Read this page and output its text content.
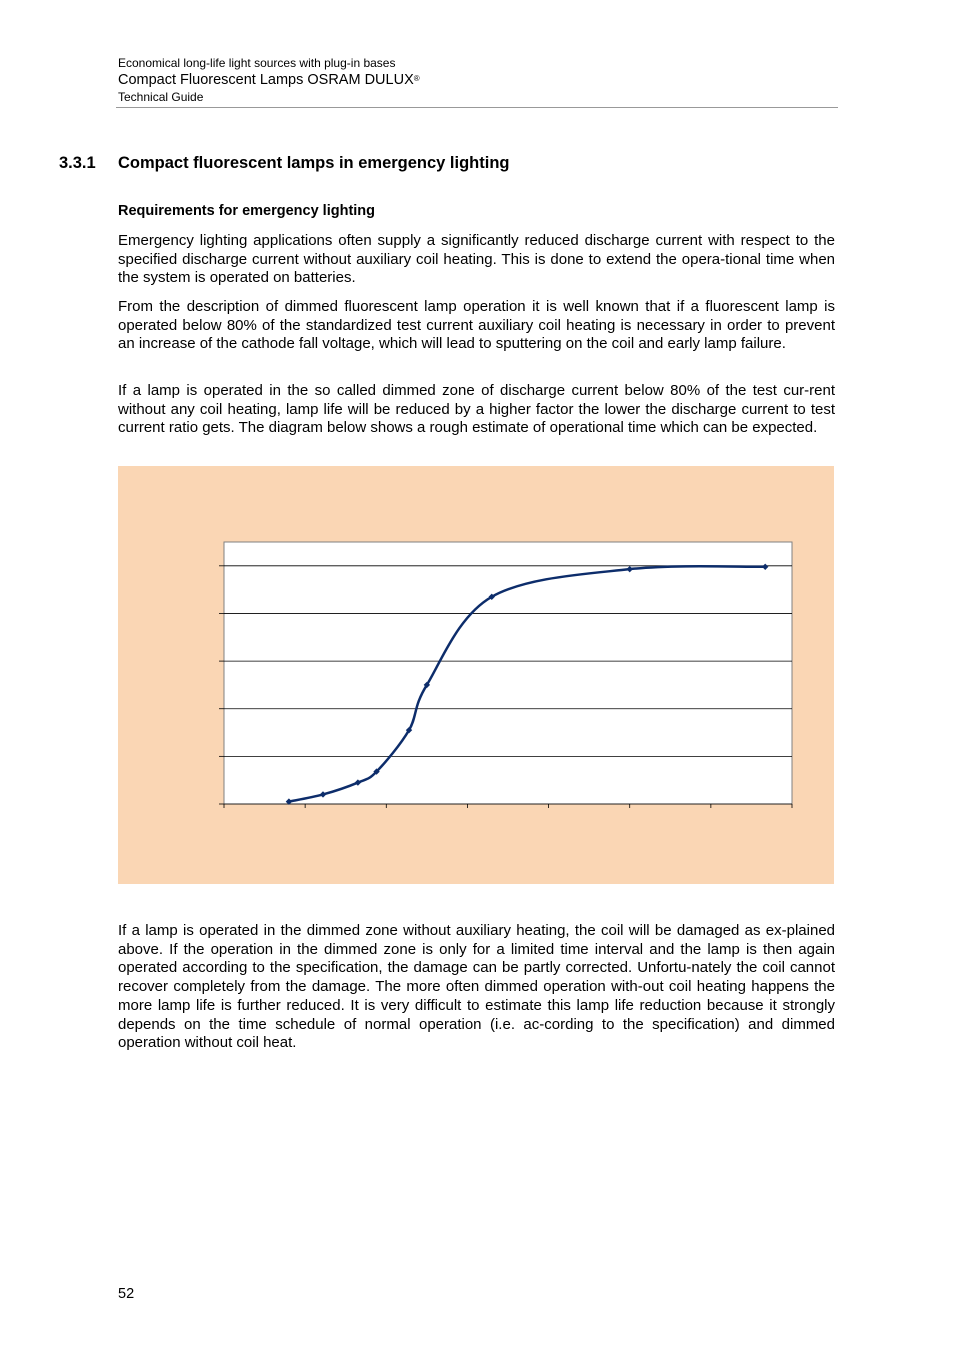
Economical long-life light sources with plug-in bases
Compact Fluorescent Lamps OSRAM DULUX®
Technical Guide
3.3.1 Compact fluorescent lamps in emergency lighting
Requirements for emergency lighting

Emergency lighting applications often supply a significantly reduced discharge current with respect to the specified discharge current without auxiliary coil heating. This is done to extend the opera-tional time when the system is operated on batteries.

From the description of dimmed fluorescent lamp operation it is well known that if a fluorescent lamp is operated below 80% of the standardized test current auxiliary coil heating is necessary in order to prevent an increase of the cathode fall voltage, which will lead to sputtering on the coil and early lamp failure.

If a lamp is operated in the so called dimmed zone of discharge current below 80% of the test cur-rent without any coil heating, lamp life will be reduced by a higher factor the lower the discharge current to test current ratio gets. The diagram below shows a rough estimate of operational time which can be expected.

If a lamp is operated in the dimmed zone without auxiliary heating, the coil will be damaged as ex-plained above. If the operation in the dimmed zone is only for a limited time interval and the lamp is then again operated according to the specification, the damage can be partly corrected. Unfortu-nately the coil cannot recover completely from the damage. The more often dimmed operation with-out coil heating happens the more lamp life is further reduced. It is very difficult to estimate this lamp life reduction because it strongly depends on the time schedule of normal operation (i.e. ac-cording to the specification) and dimmed operation without coil heat.

52
